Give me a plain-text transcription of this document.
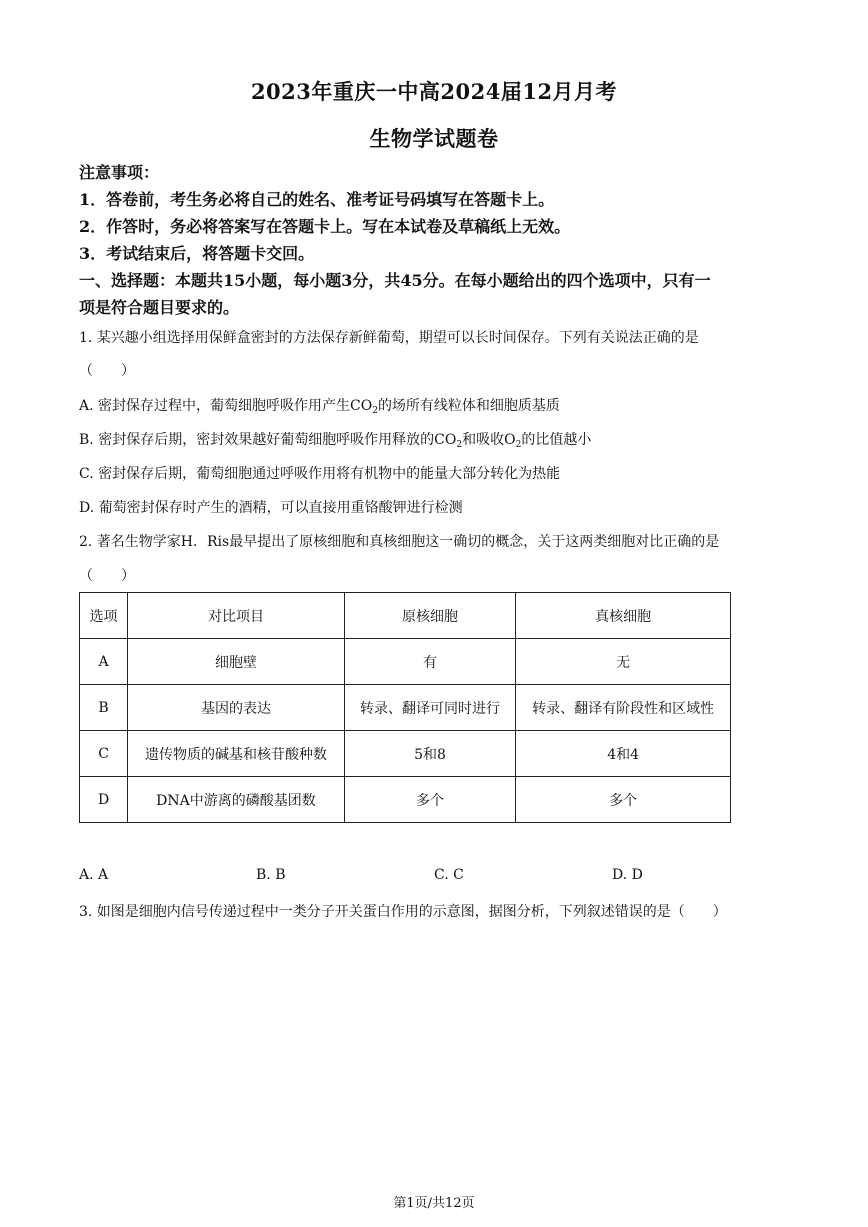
2023年重庆一中高2024届12月月考
生物学试题卷
注意事项：
1．答卷前，考生务必将自己的姓名、准考证号码填写在答题卡上。
2．作答时，务必将答案写在答题卡上。写在本试卷及草稿纸上无效。
3．考试结束后，将答题卡交回。
一、选择题：本题共15小题，每小题3分，共45分。在每小题给出的四个选项中，只有一
项是符合题目要求的。
1. 某兴趣小组选择用保鲜盒密封的方法保存新鲜葡萄，期望可以长时间保存。下列有关说法正确的是
（　　）
A. 密封保存过程中，葡萄细胞呼吸作用产生$CO_2$的场所有线粒体和细胞质基质
B. 密封保存后期，密封效果越好葡萄细胞呼吸作用释放的$CO_2$和吸收$O_2$的比值越小
C. 密封保存后期，葡萄细胞通过呼吸作用将有机物中的能量大部分转化为热能
D. 葡萄密封保存时产生的酒精，可以直接用重铬酸钾进行检测
2. 著名生物学家H．Ris最早提出了原核细胞和真核细胞这一确切的概念，关于这两类细胞对比正确的是
（　　）
选项	对比项目	原核细胞	真核细胞
A	细胞壁	有	无
B	基因的表达	转录、翻译可同时进行	转录、翻译有阶段性和区域性
C	遗传物质的碱基和核苷酸种数	5和8	4和4
D	DNA中游离的磷酸基团数	多个	多个
A. A	B. B	C. C	D. D
3. 如图是细胞内信号传递过程中一类分子开关蛋白作用的示意图，据图分析，下列叙述错误的是（　　）
第1页/共12页
